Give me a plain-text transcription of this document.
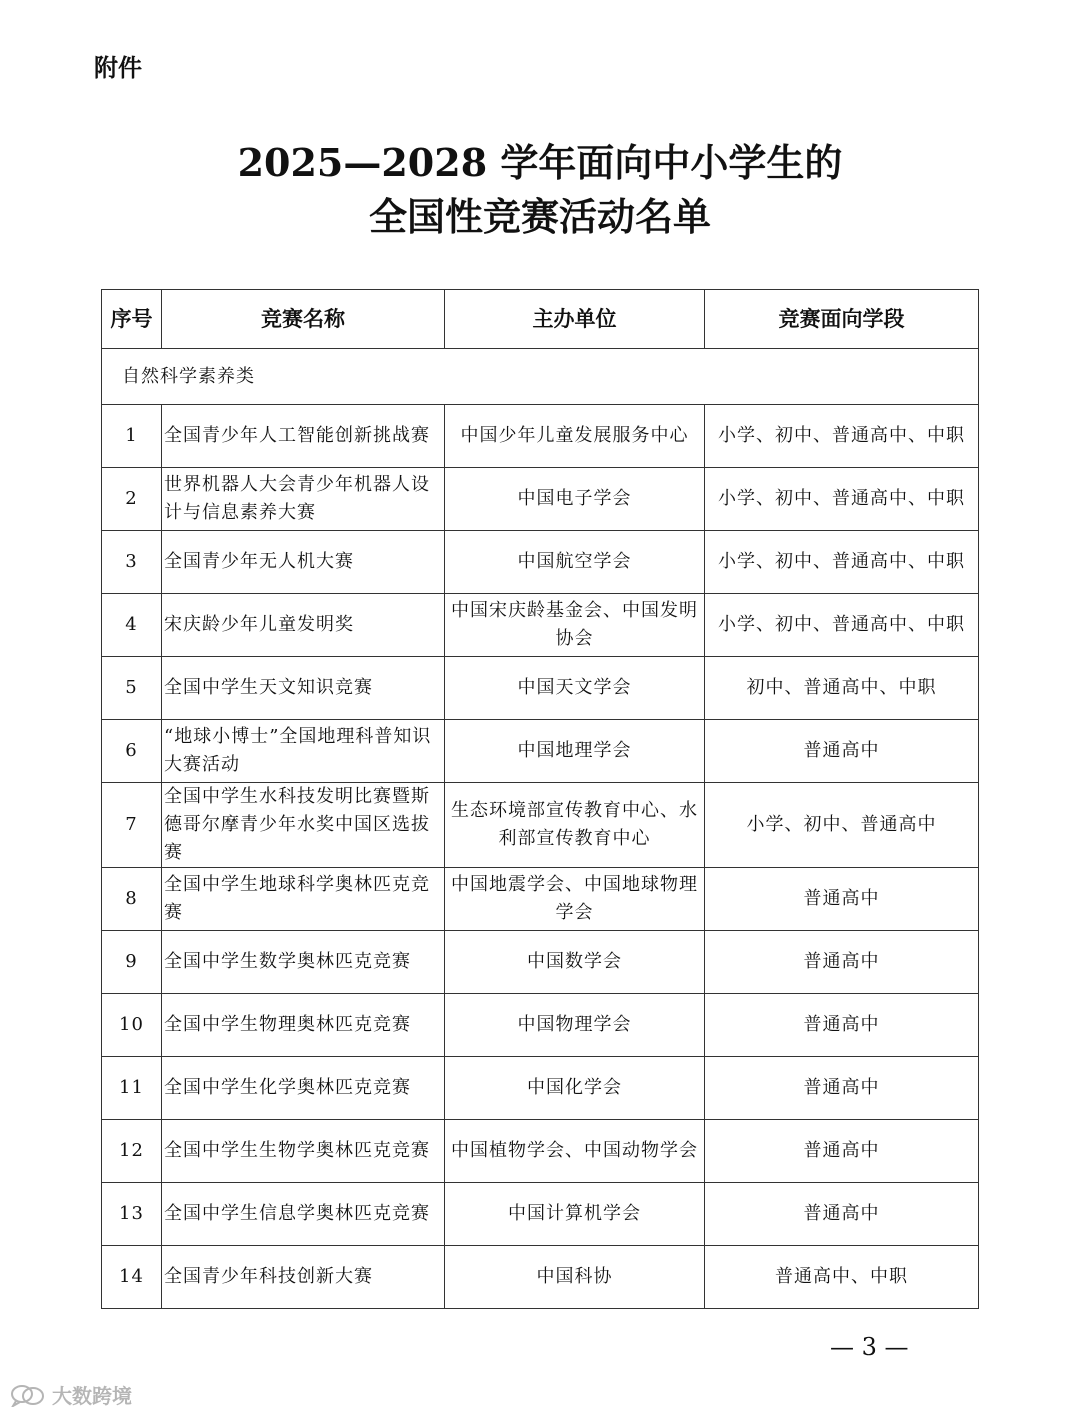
附件
2025—2028 学年面向中小学生的
全国性竞赛活动名单
序号	竞赛名称	主办单位	竞赛面向学段
自然科学素养类			
1	全国青少年人工智能创新挑战赛	中国少年儿童发展服务中心	小学、初中、普通高中、中职
2	世界机器人大会青少年机器人设计与信息素养大赛	中国电子学会	小学、初中、普通高中、中职
3	全国青少年无人机大赛	中国航空学会	小学、初中、普通高中、中职
4	宋庆龄少年儿童发明奖	中国宋庆龄基金会、中国发明协会	小学、初中、普通高中、中职
5	全国中学生天文知识竞赛	中国天文学会	初中、普通高中、中职
6	“地球小博士”全国地理科普知识大赛活动	中国地理学会	普通高中
7	全国中学生水科技发明比赛暨斯德哥尔摩青少年水奖中国区选拔赛	生态环境部宣传教育中心、水利部宣传教育中心	小学、初中、普通高中
8	全国中学生地球科学奥林匹克竞赛	中国地震学会、中国地球物理学会	普通高中
9	全国中学生数学奥林匹克竞赛	中国数学会	普通高中
10	全国中学生物理奥林匹克竞赛	中国物理学会	普通高中
11	全国中学生化学奥林匹克竞赛	中国化学会	普通高中
12	全国中学生生物学奥林匹克竞赛	中国植物学会、中国动物学会	普通高中
13	全国中学生信息学奥林匹克竞赛	中国计算机学会	普通高中
14	全国青少年科技创新大赛	中国科协	普通高中、中职
— 3 —
大数跨境
